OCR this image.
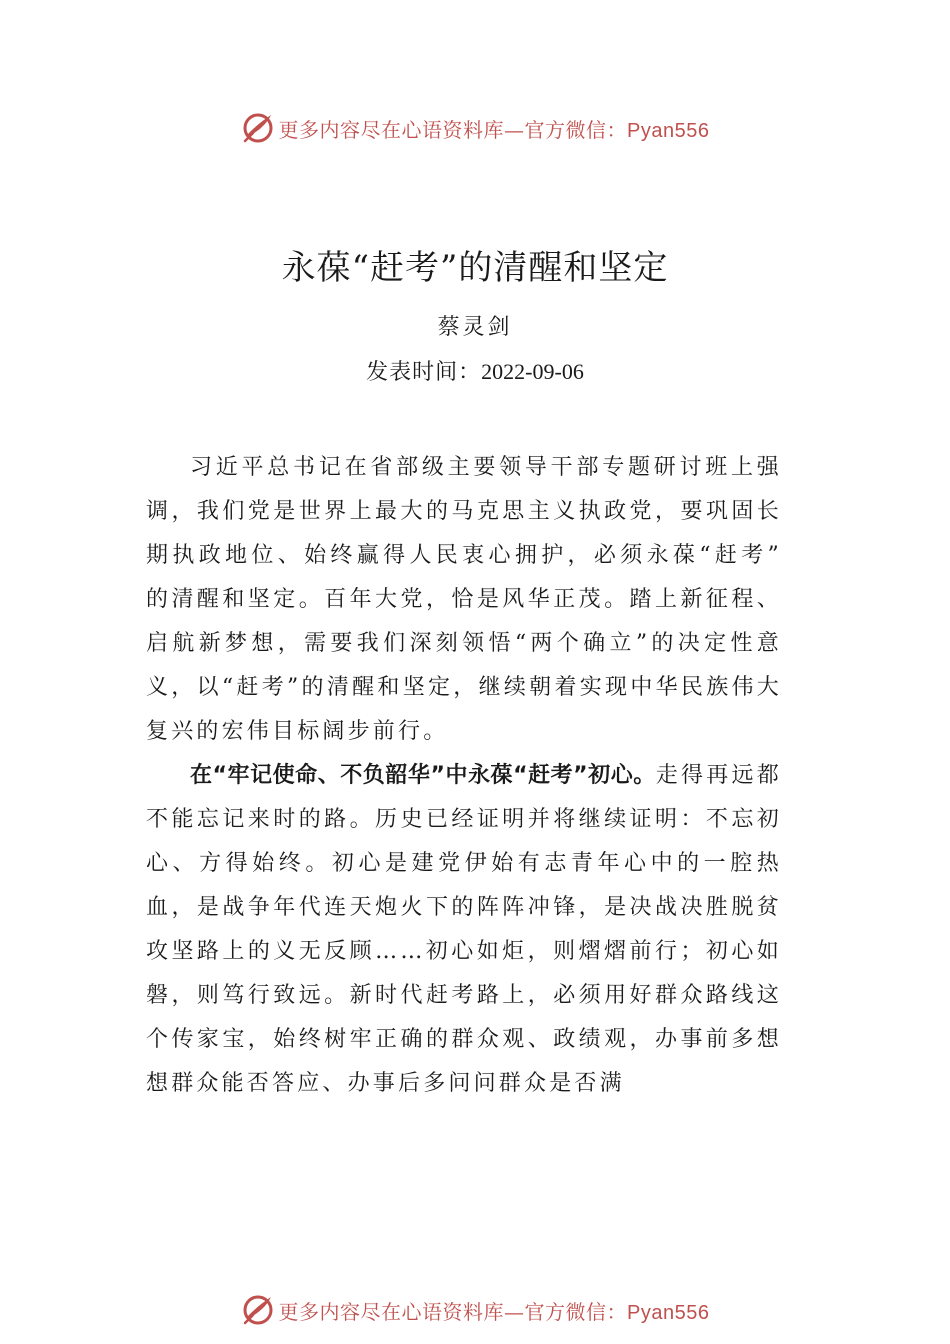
更多内容尽在心语资料库—官方微信：Pyan556
永葆“赶考”的清醒和坚定
蔡灵剑
发表时间：2022-09-06

习近平总书记在省部级主要领导干部专题研讨班上强调，我们党是世界上最大的马克思主义执政党，要巩固长期执政地位、始终赢得人民衷心拥护，必须永葆“赶考” 的清醒和坚定。百年大党，恰是风华正茂。踏上新征程、启航新梦想，需要我们深刻领悟“两个确立”的决定性意义，以“赶考”的清醒和坚定，继续朝着实现中华民族伟大复兴的宏伟目标阔步前行。

在“牢记使命、不负韶华”中永葆“赶考”初心。走得再远都不能忘记来时的路。历史已经证明并将继续证明：不忘初心、方得始终。初心是建党伊始有志青年心中的一腔热血，是战争年代连天炮火下的阵阵冲锋，是决战决胜脱贫攻坚路上的义无反顾……初心如炬，则熠熠前行；初心如磐，则笃行致远。新时代赶考路上，必须用好群众路线这个传家宝，始终树牢正确的群众观、政绩观，办事前多想想群众能否答应、办事后多问问群众是否满

更多内容尽在心语资料库—官方微信：Pyan556
